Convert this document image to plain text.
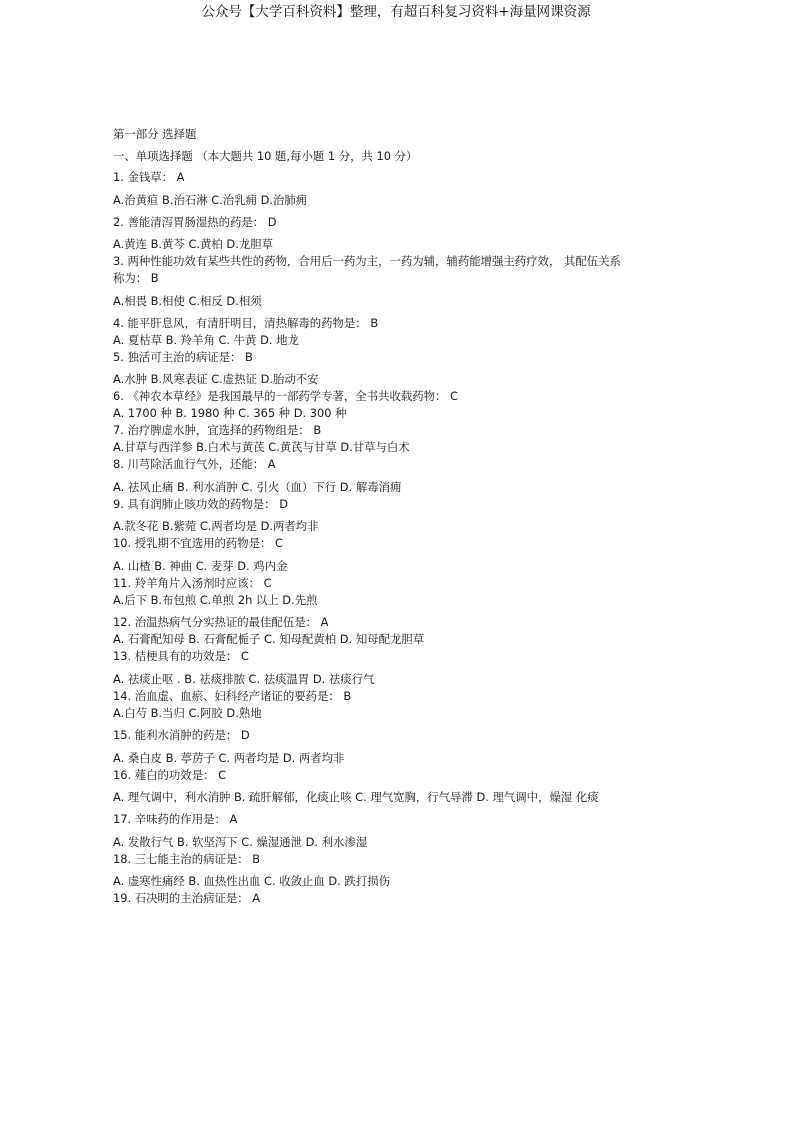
公众号【大学百科资料】整理，有超百科复习资料+海量网课资源

第一部分 选择题

一、单项选择题 （本大题共 10 题,每小题 1 分，共 10 分）

1. 金钱草： A

A.治黄疸 B.治石淋 C.治乳痈 D.治肺痈

2. 善能清泻胃肠湿热的药是： D

A.黄连 B.黄芩 C.黄柏 D.龙胆草

3. 两种性能功效有某些共性的药物，合用后一药为主，一药为辅，辅药能增强主药疗效， 其配伍关系

称为： B

A.相畏 B.相使 C.相反 D.相须

4. 能平肝息风，有清肝明目，清热解毒的药物是： B

A. 夏枯草 B. 羚羊角 C. 牛黄 D. 地龙

5. 独活可主治的病证是： B

A.水肿 B.风寒表证 C.虚热证 D.胎动不安

6. 《神农本草经》是我国最早的一部药学专著，全书共收载药物： C

A. 1700 种 B. 1980 种 C. 365 种 D. 300 种

7. 治疗脾虚水肿，宜选择的药物组是： B

A.甘草与西洋参 B.白术与黄芪 C.黄芪与甘草 D.甘草与白术

8. 川芎除活血行气外，还能： A

A. 祛风止痛 B. 利水消肿 C. 引火（血）下行 D. 解毒消痈

9. 具有润肺止咳功效的药物是： D

A.款冬花 B.紫菀 C.两者均是 D.两者均非

10. 授乳期不宜选用的药物是： C

A. 山楂 B. 神曲 C. 麦芽 D. 鸡内金

11. 羚羊角片入汤剂时应该： C

A.后下 B.布包煎 C.单煎 2h 以上 D.先煎

12. 治温热病气分实热证的最佳配伍是： A

A. 石膏配知母 B. 石膏配栀子 C. 知母配黄柏 D. 知母配龙胆草

13. 桔梗具有的功效是： C

A. 祛痰止呕 . B. 祛痰排脓 C. 祛痰温胃 D. 祛痰行气

14. 治血虚、血瘀、妇科经产诸证的要药是： B

A.白芍 B.当归 C.阿胶 D.熟地

15. 能利水消肿的药是： D

A. 桑白皮 B. 葶苈子 C. 两者均是 D. 两者均非

16. 薤白的功效是： C

A. 理气调中，利水消肿 B. 疏肝解郁，化痰止咳 C. 理气宽胸，行气导滞 D. 理气调中，燥湿 化痰

17. 辛味药的作用是： A

A. 发散行气 B. 软坚泻下 C. 燥湿通泄 D. 利水渗湿

18. 三七能主治的病证是： B

A. 虚寒性痛经 B. 血热性出血 C. 收敛止血 D. 跌打损伤

19. 石决明的主治病证是： A
